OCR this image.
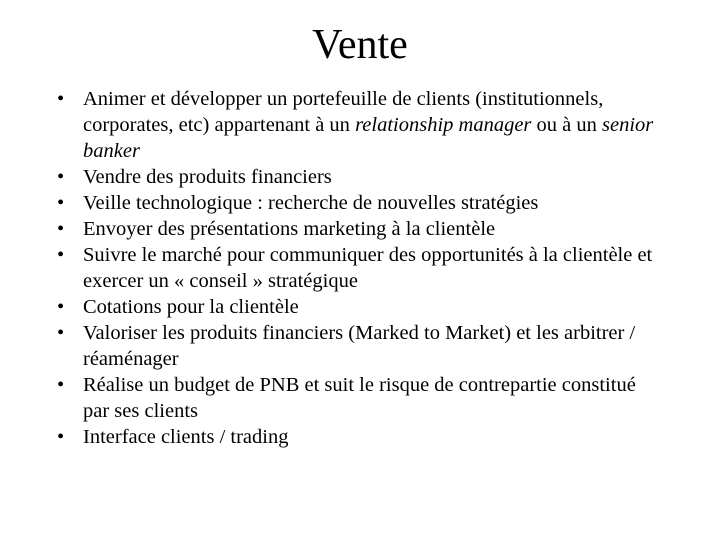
Vente
• Animer et développer un portefeuille de clients (institutionnels, corporates, etc) appartenant à un relationship manager ou à un senior banker
• Vendre des produits financiers
• Veille technologique : recherche de nouvelles stratégies
• Envoyer des présentations marketing à la clientèle
• Suivre le marché pour communiquer des opportunités à la clientèle et exercer un « conseil » stratégique
• Cotations pour la clientèle
• Valoriser les produits financiers (Marked to Market) et les arbitrer / réaménager
• Réalise un budget de PNB et suit le risque de contrepartie constitué par ses clients
• Interface clients / trading
